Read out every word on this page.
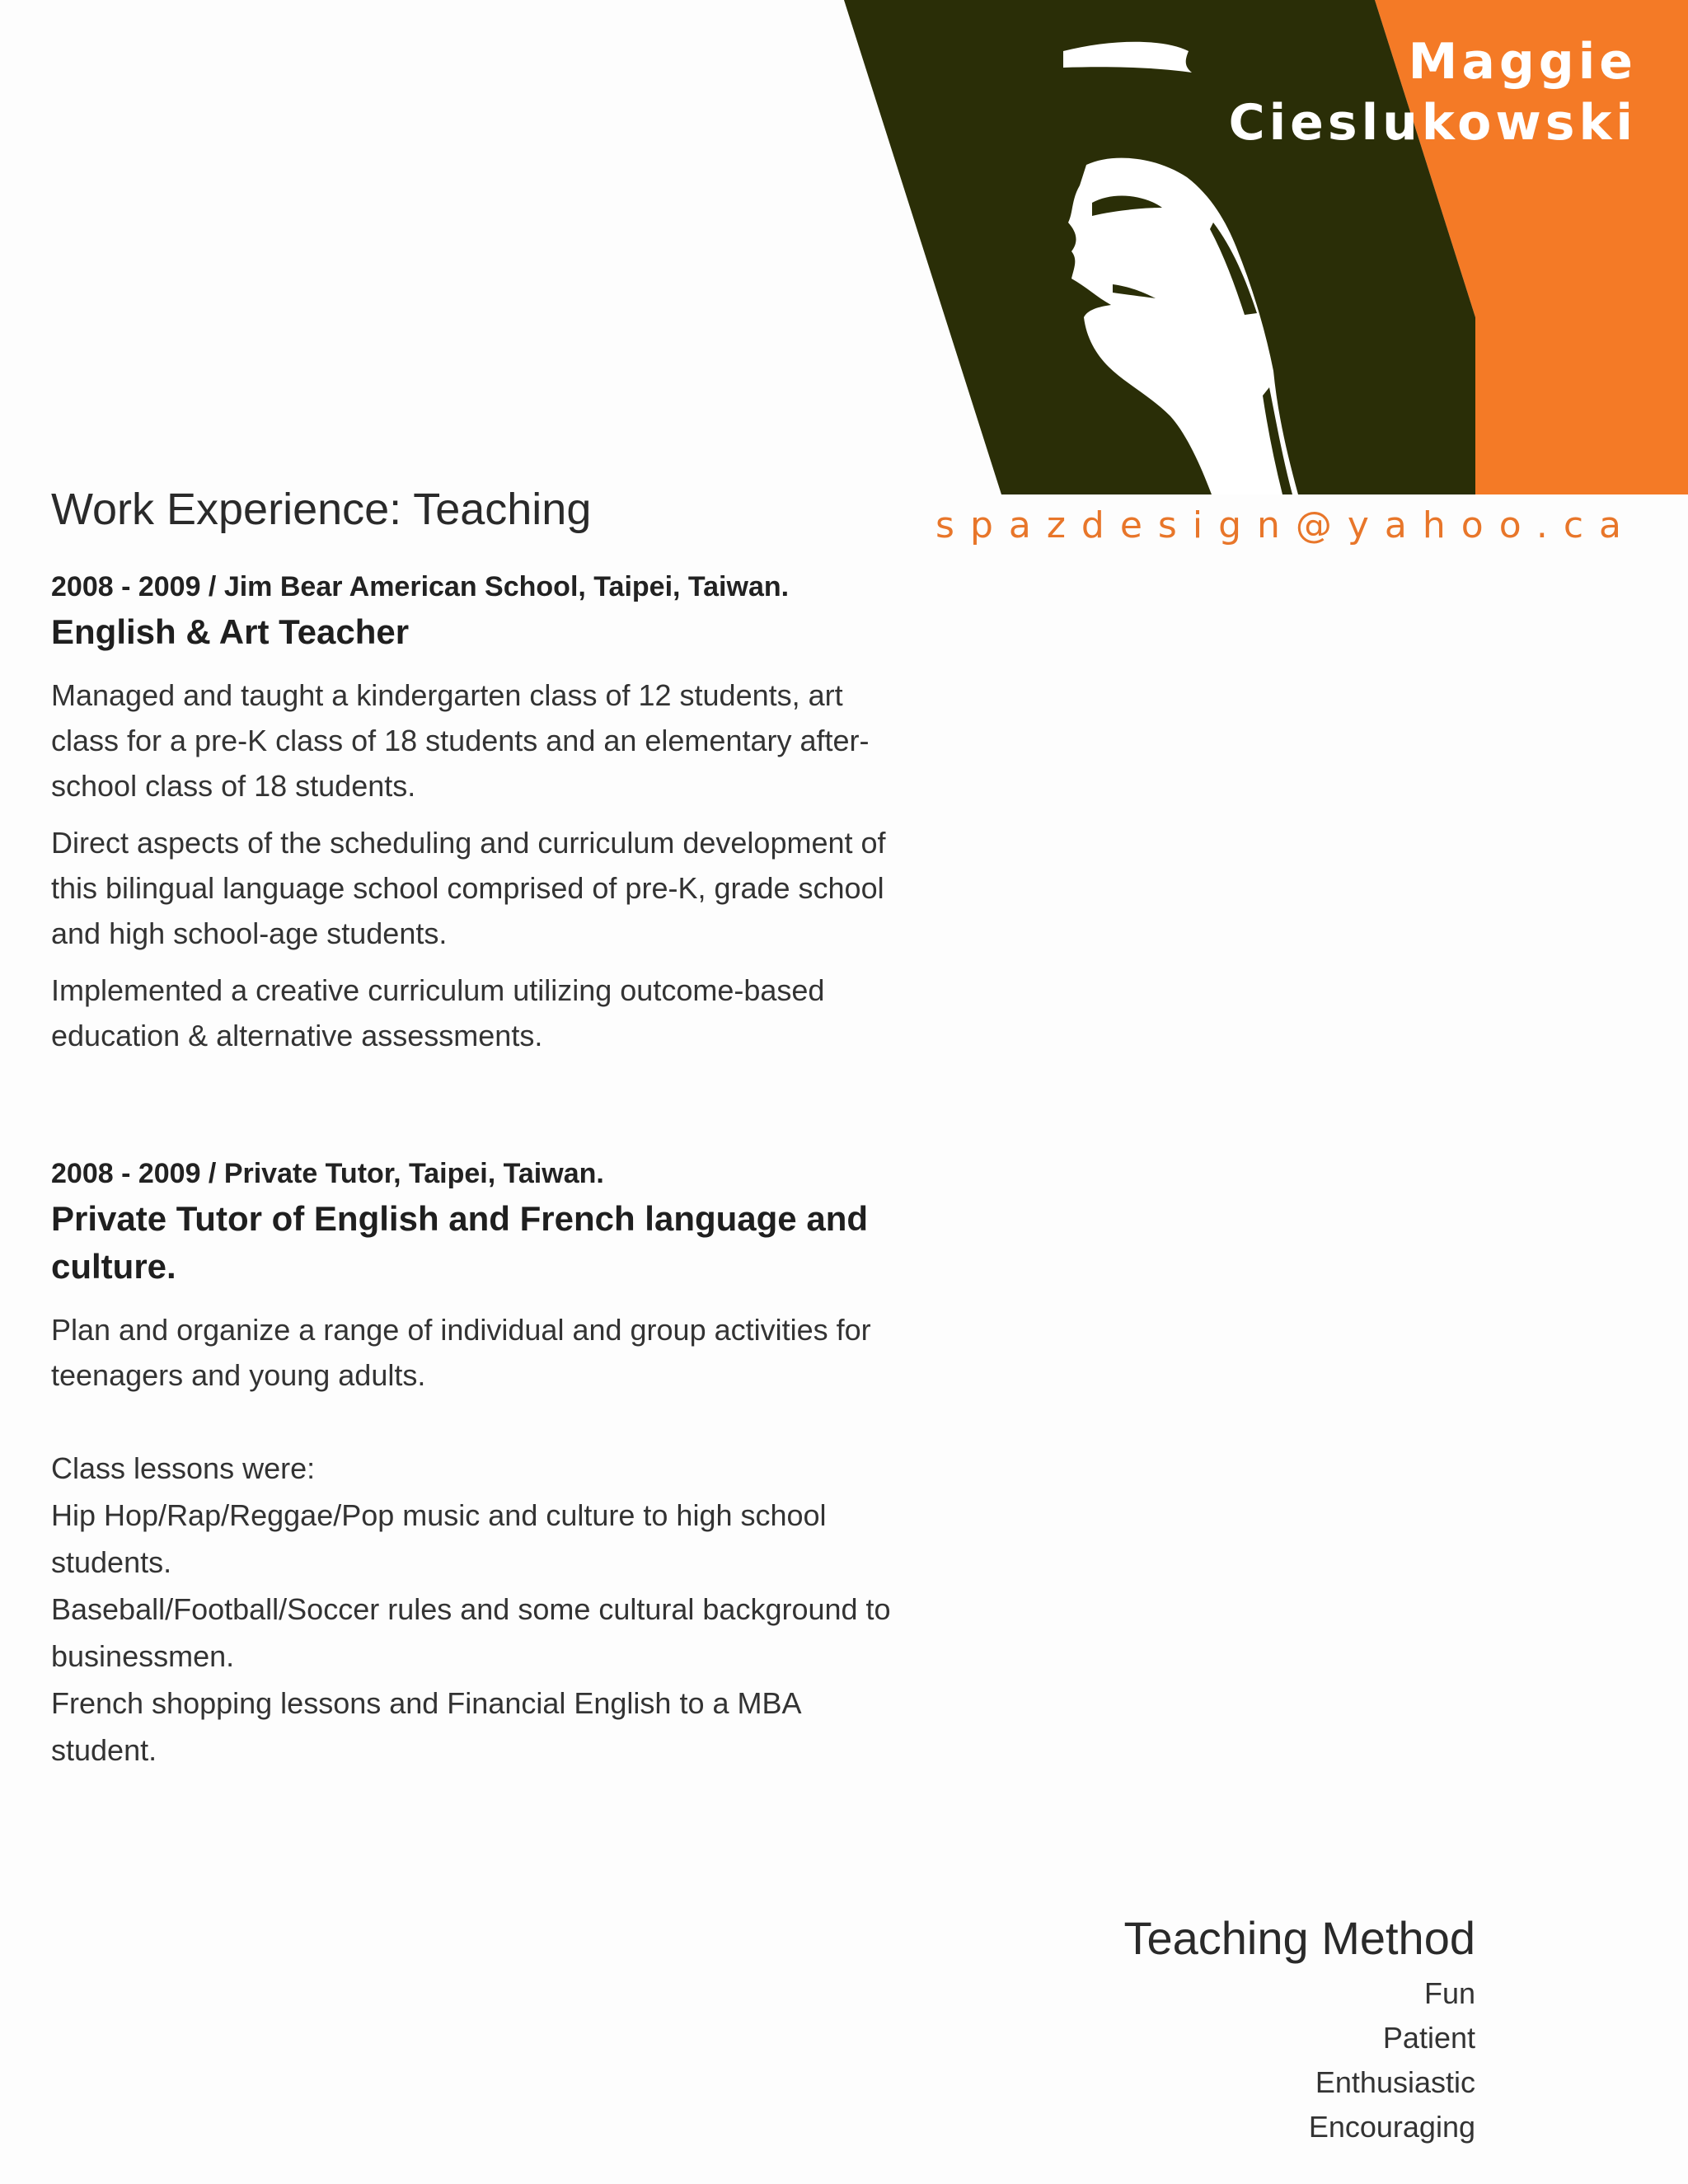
Maggie
Cieslukowski
spazdesign@yahoo.ca
Work Experience: Teaching
2008 - 2009 / Jim Bear American School, Taipei, Taiwan.
English & Art Teacher

Managed and taught a kindergarten class of 12 students, art class for a pre-K class of 18 students and an elementary after-school class of 18 students.

Direct aspects of the scheduling and curriculum development of this bilingual language school comprised of pre-K, grade school and high school-age students.

Implemented a creative curriculum utilizing outcome-based education & alternative assessments.

2008 - 2009 / Private Tutor, Taipei, Taiwan.
Private Tutor of English and French language and culture.

Plan and organize a range of individual and group activities for teenagers and young adults.

Class lessons were:
Hip Hop/Rap/Reggae/Pop music and culture to high school students.
Baseball/Football/Soccer rules and some cultural background to businessmen.
French shopping lessons and Financial English to a MBA student.
Teaching Method
Fun
Patient
Enthusiastic
Encouraging
